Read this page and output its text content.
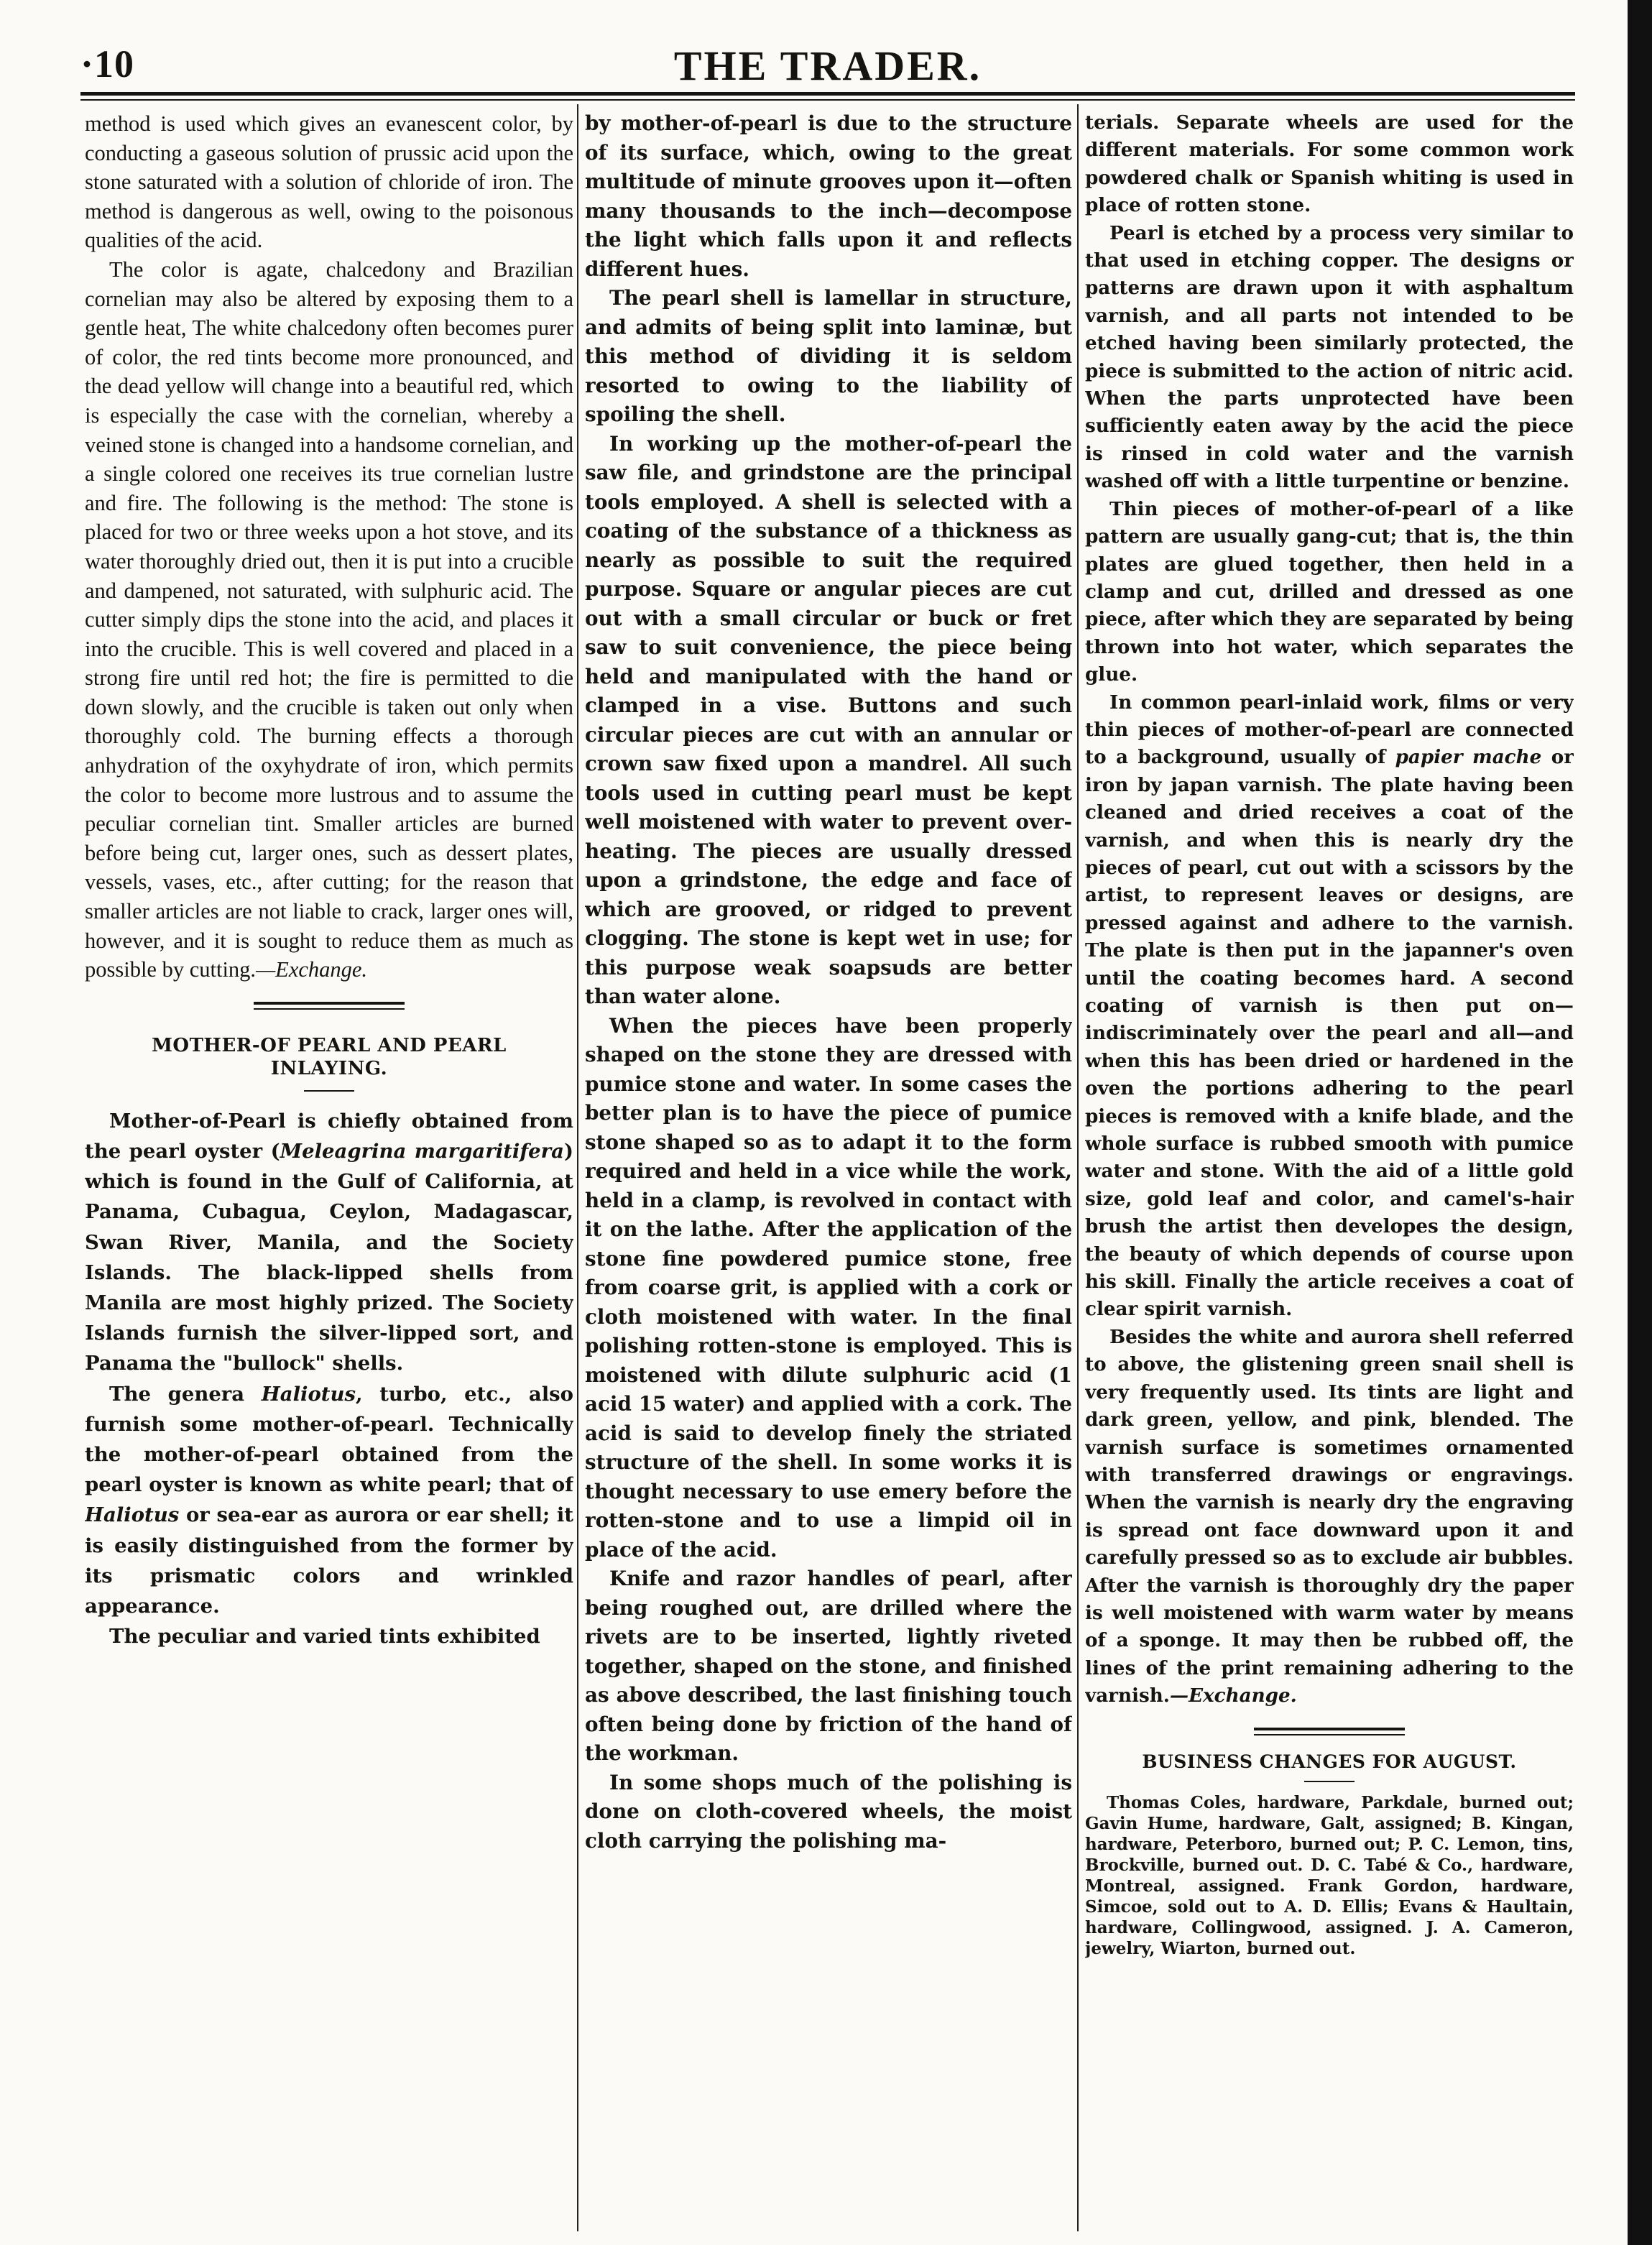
·10	THE TRADER.

method is used which gives an evanescent color, by conducting a gaseous solution of prussic acid upon the stone saturated with a solution of chloride of iron. The method is dangerous as well, owing to the poisonous qualities of the acid.

The color is agate, chalcedony and Brazilian cornelian may also be altered by exposing them to a gentle heat, The white chalcedony often becomes purer of color, the red tints become more pronounced, and the dead yellow will change into a beautiful red, which is especially the case with the cornelian, whereby a veined stone is changed into a handsome cornelian, and a single colored one receives its true cornelian lustre and fire. The following is the method: The stone is placed for two or three weeks upon a hot stove, and its water thoroughly dried out, then it is put into a crucible and dampened, not saturated, with sulphuric acid. The cutter simply dips the stone into the acid, and places it into the crucible. This is well covered and placed in a strong fire until red hot; the fire is permitted to die down slowly, and the crucible is taken out only when thoroughly cold. The burning effects a thorough anhydration of the oxyhydrate of iron, which permits the color to become more lustrous and to assume the peculiar cornelian tint. Smaller articles are burned before being cut, larger ones, such as dessert plates, vessels, vases, etc., after cutting; for the reason that smaller articles are not liable to crack, larger ones will, however, and it is sought to reduce them as much as possible by cutting.—Exchange.

MOTHER-OF PEARL AND PEARL INLAYING.

Mother-of-Pearl is chiefly obtained from the pearl oyster (Meleagrina margaritifera) which is found in the Gulf of California, at Panama, Cubagua, Ceylon, Madagascar, Swan River, Manila, and the Society Islands. The black-lipped shells from Manila are most highly prized. The Society Islands furnish the silver-lipped sort, and Panama the "bullock" shells.

The genera Haliotus, turbo, etc., also furnish some mother-of-pearl. Technically the mother-of-pearl obtained from the pearl oyster is known as white pearl; that of Haliotus or sea-ear as aurora or ear shell; it is easily distinguished from the former by its prismatic colors and wrinkled appearance.

The peculiar and varied tints exhibited

by mother-of-pearl is due to the structure of its surface, which, owing to the great multitude of minute grooves upon it—often many thousands to the inch—decompose the light which falls upon it and reflects different hues.

The pearl shell is lamellar in structure, and admits of being split into laminæ, but this method of dividing it is seldom resorted to owing to the liability of spoiling the shell.

In working up the mother-of-pearl the saw file, and grindstone are the principal tools employed. A shell is selected with a coating of the substance of a thickness as nearly as possible to suit the required purpose. Square or angular pieces are cut out with a small circular or buck or fret saw to suit convenience, the piece being held and manipulated with the hand or clamped in a vise. Buttons and such circular pieces are cut with an annular or crown saw fixed upon a mandrel. All such tools used in cutting pearl must be kept well moistened with water to prevent over-heating. The pieces are usually dressed upon a grindstone, the edge and face of which are grooved, or ridged to prevent clogging. The stone is kept wet in use; for this purpose weak soapsuds are better than water alone.

When the pieces have been properly shaped on the stone they are dressed with pumice stone and water. In some cases the better plan is to have the piece of pumice stone shaped so as to adapt it to the form required and held in a vice while the work, held in a clamp, is revolved in contact with it on the lathe. After the application of the stone fine powdered pumice stone, free from coarse grit, is applied with a cork or cloth moistened with water. In the final polishing rotten-stone is employed. This is moistened with dilute sulphuric acid (1 acid 15 water) and applied with a cork. The acid is said to develop finely the striated structure of the shell. In some works it is thought necessary to use emery before the rotten-stone and to use a limpid oil in place of the acid.

Knife and razor handles of pearl, after being roughed out, are drilled where the rivets are to be inserted, lightly riveted together, shaped on the stone, and finished as above described, the last finishing touch often being done by friction of the hand of the workman.

In some shops much of the polishing is done on cloth-covered wheels, the moist cloth carrying the polishing ma-

terials. Separate wheels are used for the different materials. For some common work powdered chalk or Spanish whiting is used in place of rotten stone.

Pearl is etched by a process very similar to that used in etching copper. The designs or patterns are drawn upon it with asphaltum varnish, and all parts not intended to be etched having been similarly protected, the piece is submitted to the action of nitric acid. When the parts unprotected have been sufficiently eaten away by the acid the piece is rinsed in cold water and the varnish washed off with a little turpentine or benzine.

Thin pieces of mother-of-pearl of a like pattern are usually gang-cut; that is, the thin plates are glued together, then held in a clamp and cut, drilled and dressed as one piece, after which they are separated by being thrown into hot water, which separates the glue.

In common pearl-inlaid work, films or very thin pieces of mother-of-pearl are connected to a background, usually of papier mache or iron by japan varnish. The plate having been cleaned and dried receives a coat of the varnish, and when this is nearly dry the pieces of pearl, cut out with a scissors by the artist, to represent leaves or designs, are pressed against and adhere to the varnish. The plate is then put in the japanner's oven until the coating becomes hard. A second coating of varnish is then put on—indiscriminately over the pearl and all—and when this has been dried or hardened in the oven the portions adhering to the pearl pieces is removed with a knife blade, and the whole surface is rubbed smooth with pumice water and stone. With the aid of a little gold size, gold leaf and color, and camel's-hair brush the artist then developes the design, the beauty of which depends of course upon his skill. Finally the article receives a coat of clear spirit varnish.

Besides the white and aurora shell referred to above, the glistening green snail shell is very frequently used. Its tints are light and dark green, yellow, and pink, blended. The varnish surface is sometimes ornamented with transferred drawings or engravings. When the varnish is nearly dry the engraving is spread ont face downward upon it and carefully pressed so as to exclude air bubbles. After the varnish is thoroughly dry the paper is well moistened with warm water by means of a sponge. It may then be rubbed off, the lines of the print remaining adhering to the varnish.—Exchange.

BUSINESS CHANGES FOR AUGUST.

Thomas Coles, hardware, Parkdale, burned out; Gavin Hume, hardware, Galt, assigned; B. Kingan, hardware, Peterboro, burned out; P. C. Lemon, tins, Brockville, burned out. D. C. Tabé & Co., hardware, Montreal, assigned. Frank Gordon, hardware, Simcoe, sold out to A. D. Ellis; Evans & Haultain, hardware, Collingwood, assigned. J. A. Cameron, jewelry, Wiarton, burned out.
